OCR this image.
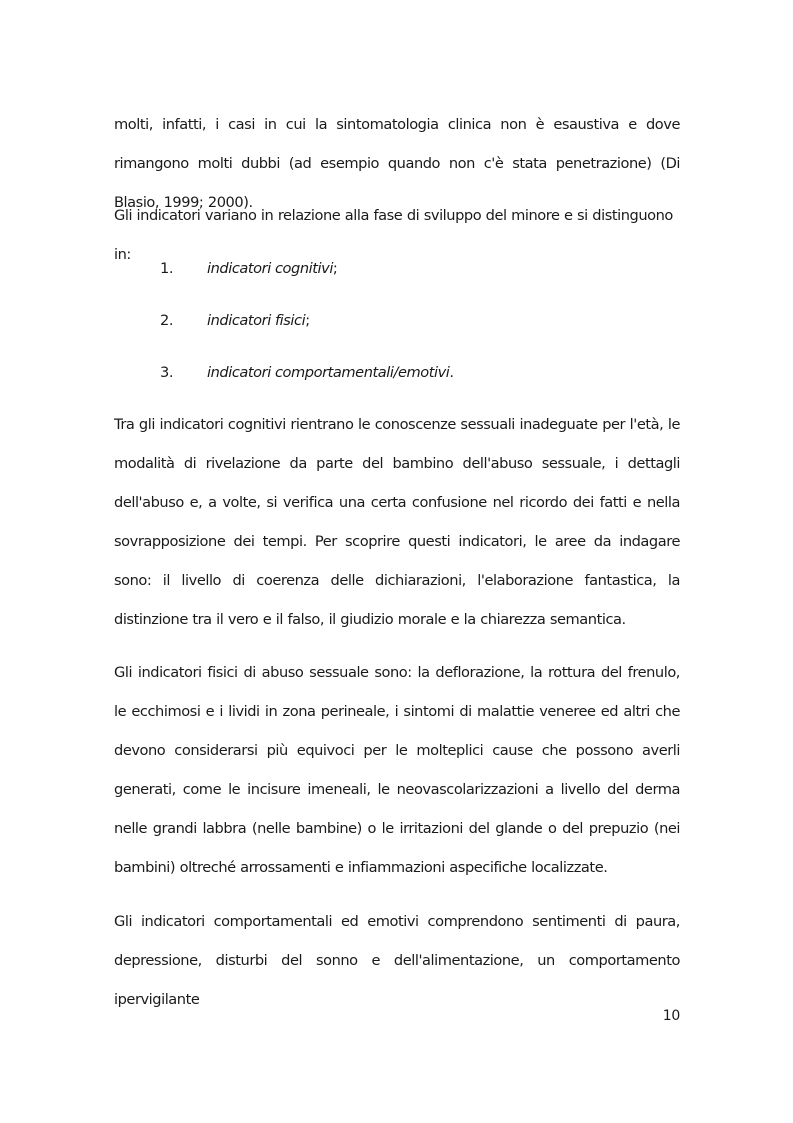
molti, infatti, i casi in cui la sintomatologia clinica non è esaustiva e dove rimangono molti dubbi (ad esempio quando non c'è stata penetrazione) (Di Blasio, 1999; 2000).

Gli indicatori variano in relazione alla fase di sviluppo del minore e si distinguono in:

1. indicatori cognitivi;
2. indicatori fisici;
3. indicatori comportamentali/emotivi.

Tra gli indicatori cognitivi rientrano le conoscenze sessuali inadeguate per l'età, le modalità di rivelazione da parte del bambino dell'abuso sessuale, i dettagli dell'abuso e, a volte, si verifica una certa confusione nel ricordo dei fatti e nella sovrapposizione dei tempi. Per scoprire questi indicatori, le aree da indagare sono: il livello di coerenza delle dichiarazioni, l'elaborazione fantastica, la distinzione tra il vero e il falso, il giudizio morale e la chiarezza semantica.

Gli indicatori fisici di abuso sessuale sono: la deflorazione, la rottura del frenulo, le ecchimosi e i lividi in zona perineale, i sintomi di malattie veneree ed altri che devono considerarsi più equivoci per le molteplici cause che possono averli generati, come le incisure imeneali, le neovascolarizzazioni a livello del derma nelle grandi labbra (nelle bambine) o le irritazioni del glande o del prepuzio (nei bambini) oltreché arrossamenti e infiammazioni aspecifiche localizzate.

Gli indicatori comportamentali ed emotivi comprendono sentimenti di paura, depressione, disturbi del sonno e dell'alimentazione, un comportamento ipervigilante

10
